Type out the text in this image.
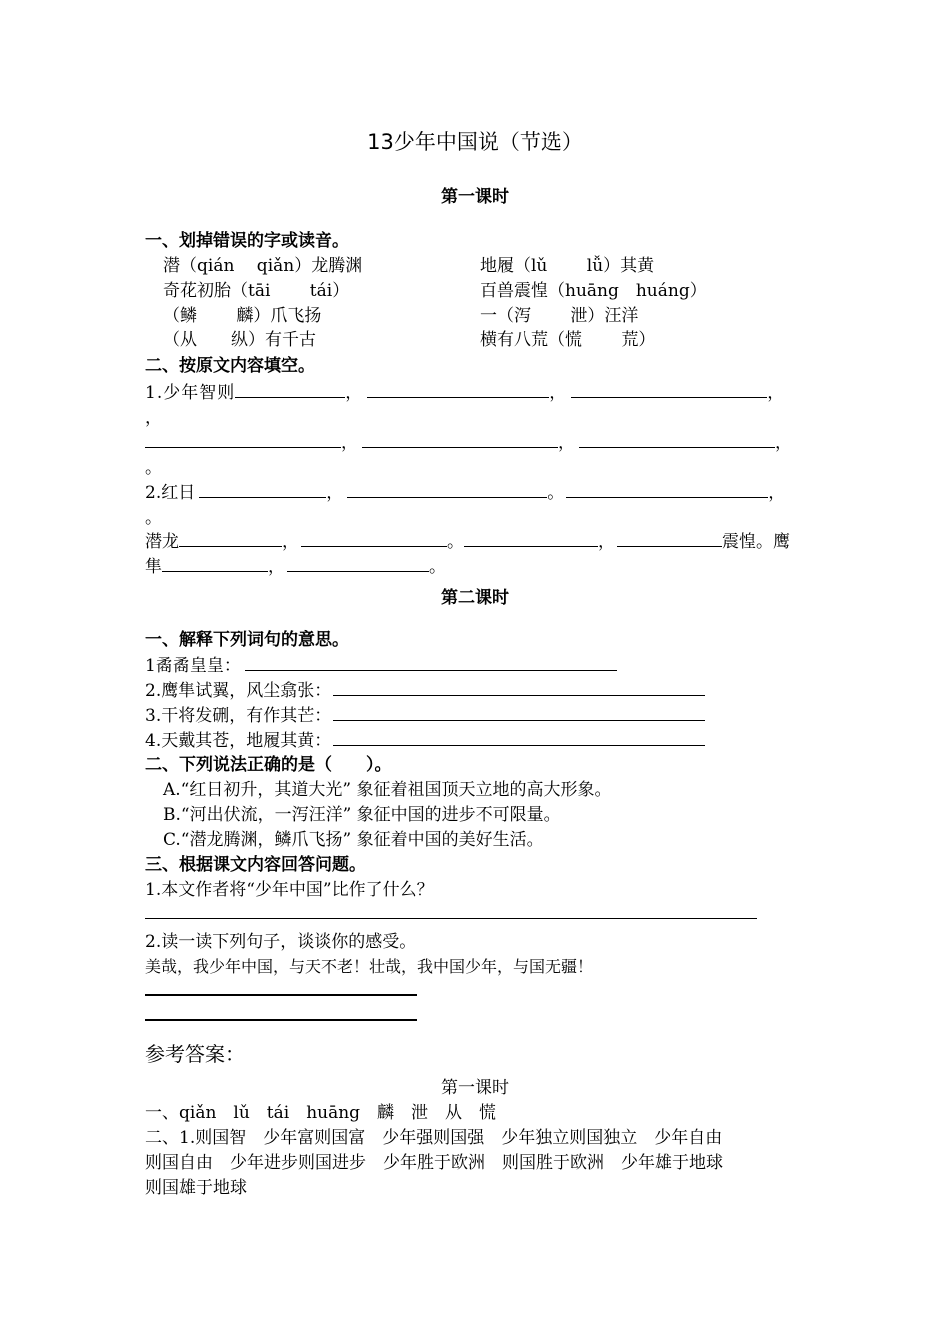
13少年中国说（节选）
第一课时
一、划掉错误的字或读音。
潜（qián　 qiǎn）龙腾渊	地履（lǔ　　 lǚ）其黄
奇花初胎（tāi　　 tái）	百兽震惶（huāng　huáng）
（鳞　　 麟）爪飞扬	一（泻　　 泄）汪洋
（从　　纵）有千古	横有八荒（慌　　 荒）
二、按原文内容填空。
1.少年智则	，	，	，
，
，	，	，
。
2.红日	，	。	，
。
潜龙	，	。	，	震惶。鹰
隼	，	。
第二课时
一、解释下列词句的意思。
1矞矞皇皇：
2.鹰隼试翼，风尘翕张：
3.干将发硎，有作其芒：
4.天戴其苍，地履其黄：
二、下列说法正确的是（　　）。
A.“红日初升，其道大光” 象征着祖国顶天立地的高大形象。
B.“河出伏流，一泻汪洋” 象征中国的进步不可限量。
C.“潜龙腾渊，鳞爪飞扬” 象征着中国的美好生活。
三、根据课文内容回答问题。
1.本文作者将“少年中国”比作了什么？
2.读一读下列句子，谈谈你的感受。
美哉，我少年中国，与天不老！壮哉，我中国少年，与国无疆！
参考答案：
第一课时
一、qiǎn　lǔ　tái　huāng　麟　泄　从　慌
二、1.则国智　少年富则国富　少年强则国强　少年独立则国独立　少年自由
则国自由　少年进步则国进步　少年胜于欧洲　则国胜于欧洲　少年雄于地球
则国雄于地球
